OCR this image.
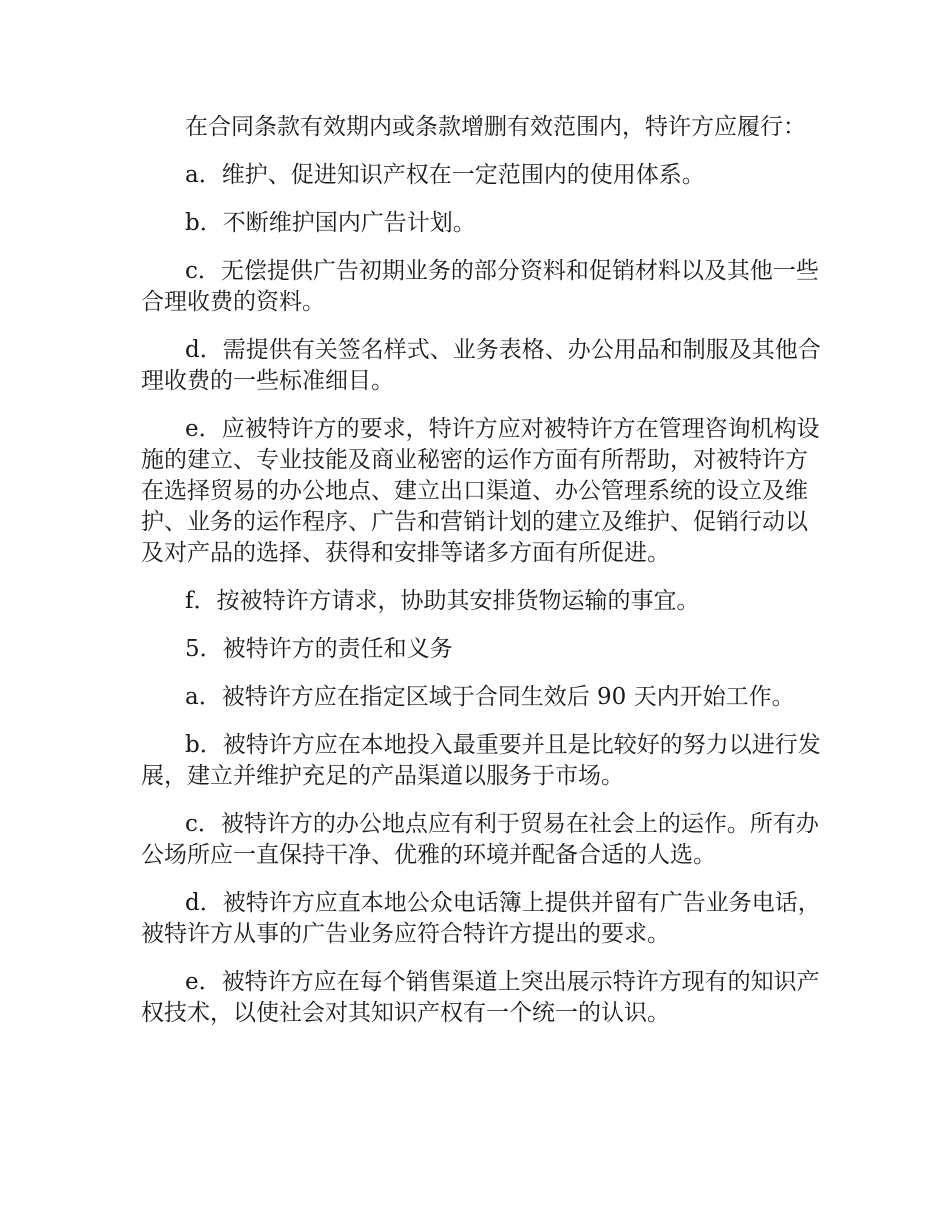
在合同条款有效期内或条款增删有效范围内，特许方应履行：

a．维护、促进知识产权在一定范围内的使用体系。

b．不断维护国内广告计划。

c．无偿提供广告初期业务的部分资料和促销材料以及其他一些合理收费的资料。

d．需提供有关签名样式、业务表格、办公用品和制服及其他合理收费的一些标准细目。

e．应被特许方的要求，特许方应对被特许方在管理咨询机构设施的建立、专业技能及商业秘密的运作方面有所帮助，对被特许方在选择贸易的办公地点、建立出口渠道、办公管理系统的设立及维护、业务的运作程序、广告和营销计划的建立及维护、促销行动以及对产品的选择、获得和安排等诸多方面有所促进。

f．按被特许方请求，协助其安排货物运输的事宜。

5．被特许方的责任和义务

a．被特许方应在指定区域于合同生效后 90 天内开始工作。

b．被特许方应在本地投入最重要并且是比较好的努力以进行发展，建立并维护充足的产品渠道以服务于市场。

c．被特许方的办公地点应有利于贸易在社会上的运作。所有办公场所应一直保持干净、优雅的环境并配备合适的人选。

d．被特许方应直本地公众电话簿上提供并留有广告业务电话，被特许方从事的广告业务应符合特许方提出的要求。

e．被特许方应在每个销售渠道上突出展示特许方现有的知识产权技术，以使社会对其知识产权有一个统一的认识。
